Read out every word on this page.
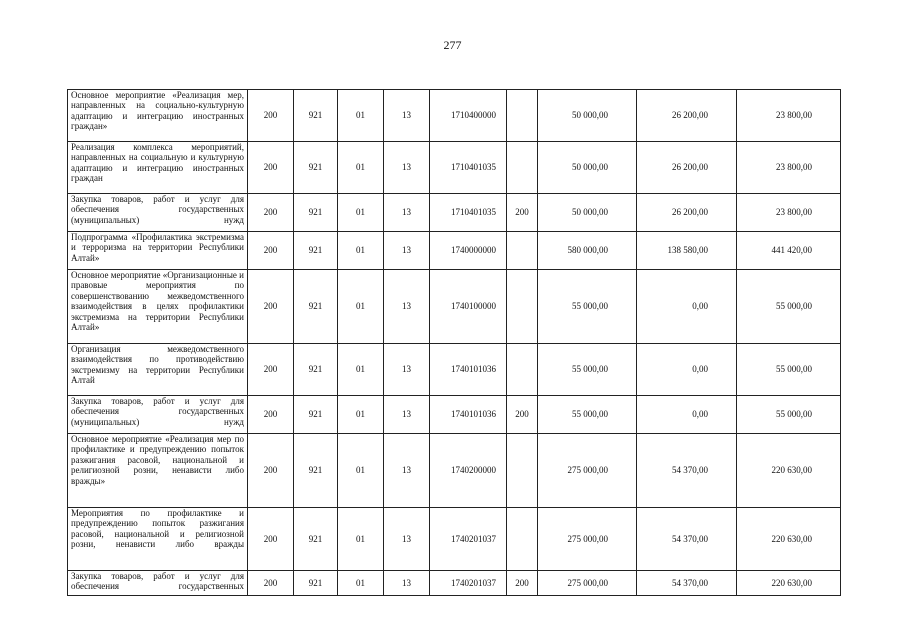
277
Основное мероприятие «Реализация мер, направленных на социально-культурную адаптацию и интеграцию иностранных граждан»	200	921	01	13	1710400000		50 000,00	26 200,00	23 800,00
Реализация комплекса мероприятий, направленных на социальную и культурную адаптацию и интеграцию иностранных граждан	200	921	01	13	1710401035		50 000,00	26 200,00	23 800,00
Закупка товаров, работ и услуг для обеспечения государственных (муниципальных) нужд	200	921	01	13	1710401035	200	50 000,00	26 200,00	23 800,00
Подпрограмма «Профилактика экстремизма и терроризма на территории Республики Алтай»	200	921	01	13	1740000000		580 000,00	138 580,00	441 420,00
Основное мероприятие «Организационные и правовые мероприятия по совершенствованию межведомственного взаимодействия в целях профилактики экстремизма на территории Республики Алтай»	200	921	01	13	1740100000		55 000,00	0,00	55 000,00
Организация межведомственного взаимодействия по противодействию экстремизму на территории Республики Алтай	200	921	01	13	1740101036		55 000,00	0,00	55 000,00
Закупка товаров, работ и услуг для обеспечения государственных (муниципальных) нужд	200	921	01	13	1740101036	200	55 000,00	0,00	55 000,00
Основное мероприятие «Реализация мер по профилактике и предупреждению попыток разжигания расовой, национальной и религиозной розни, ненависти либо вражды»	200	921	01	13	1740200000		275 000,00	54 370,00	220 630,00
Мероприятия по профилактике и предупреждению попыток разжигания расовой, национальной и религиозной розни, ненависти либо вражды	200	921	01	13	1740201037		275 000,00	54 370,00	220 630,00
Закупка товаров, работ и услуг для обеспечения государственных	200	921	01	13	1740201037	200	275 000,00	54 370,00	220 630,00
